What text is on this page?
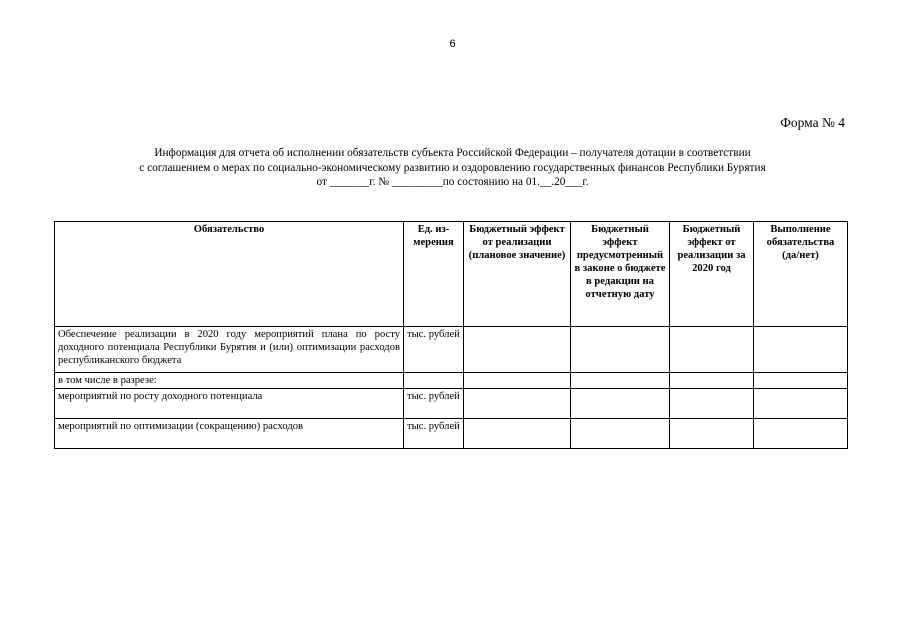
6
Форма № 4
Информация для отчета об исполнении обязательств субъекта Российской Федерации – получателя дотации в соответствии
с соглашением о мерах по социально-экономическому развитию и оздоровлению государственных финансов Республики Бурятия
от _______г. № _________по состоянию на 01.__.20___г.
Обязательство	Ед. из-мерения	Бюджетный эффект от реализации (плановое значение)	Бюджетный эффект предусмотренный в законе о бюджете в редакции на отчетную дату	Бюджетный эффект от реализации за 2020 год	Выполнение обязательства (да/нет)
Обеспечение реализации в 2020 году мероприятий плана по росту доходного потенциала Республики Бурятия и (или) оптимизации расходов республиканского бюджета	тыс. рублей				
в том числе в разрезе:					
мероприятий по росту доходного потенциала	тыс. рублей				
мероприятий по оптимизации (сокращению) расходов	тыс. рублей				
